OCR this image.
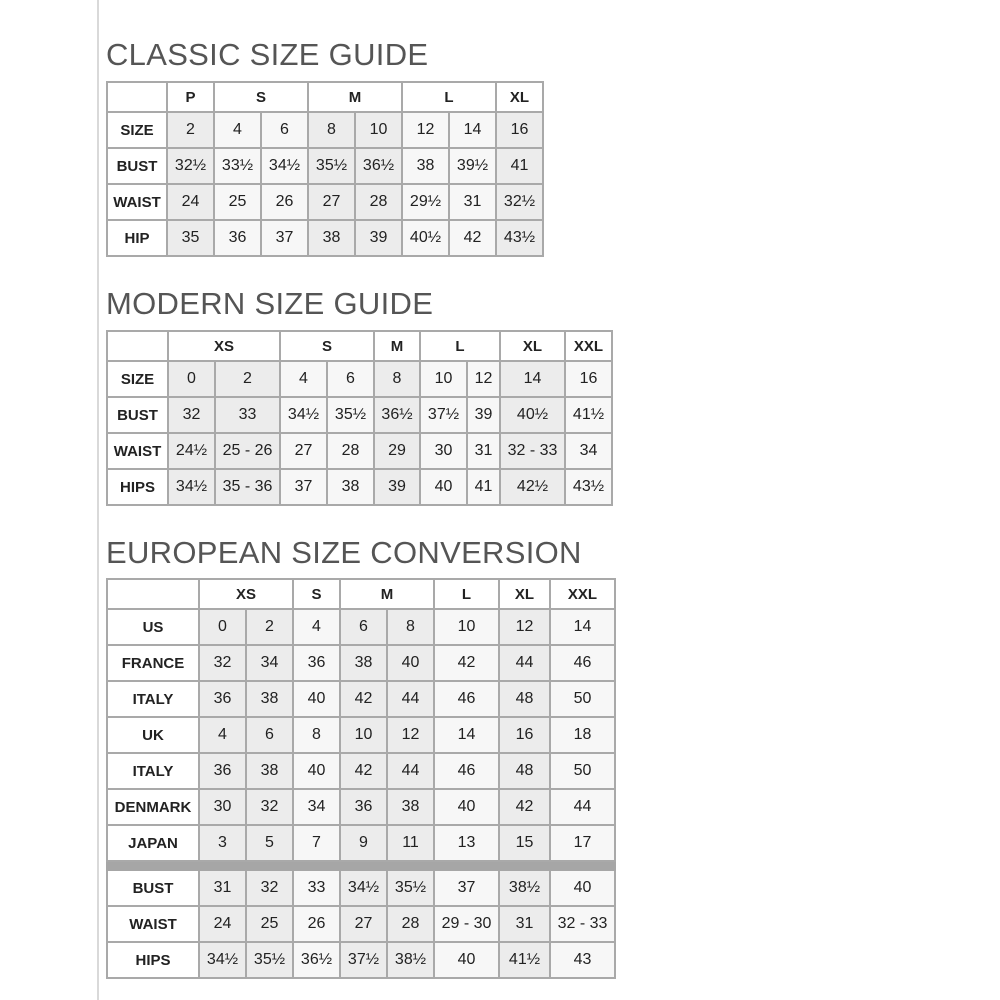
CLASSIC SIZE GUIDE
	P	S		M		L		XL
SIZE	2	4	6	8	10	12	14	16
BUST	32½	33½	34½	35½	36½	38	39½	41
WAIST	24	25	26	27	28	29½	31	32½
HIP	35	36	37	38	39	40½	42	43½
MODERN SIZE GUIDE
	XS		S		M	L		XL	XXL
SIZE	0	2	4	6	8	10	12	14	16
BUST	32	33	34½	35½	36½	37½	39	40½	41½
WAIST	24½	25 - 26	27	28	29	30	31	32 - 33	34
HIPS	34½	35 - 36	37	38	39	40	41	42½	43½
EUROPEAN SIZE CONVERSION
	XS		S	M		L	XL	XXL
US	0	2	4	6	8	10	12	14
FRANCE	32	34	36	38	40	42	44	46
ITALY	36	38	40	42	44	46	48	50
UK	4	6	8	10	12	14	16	18
ITALY	36	38	40	42	44	46	48	50
DENMARK	30	32	34	36	38	40	42	44
JAPAN	3	5	7	9	11	13	15	17

BUST	31	32	33	34½	35½	37	38½	40
WAIST	24	25	26	27	28	29 - 30	31	32 - 33
HIPS	34½	35½	36½	37½	38½	40	41½	43
